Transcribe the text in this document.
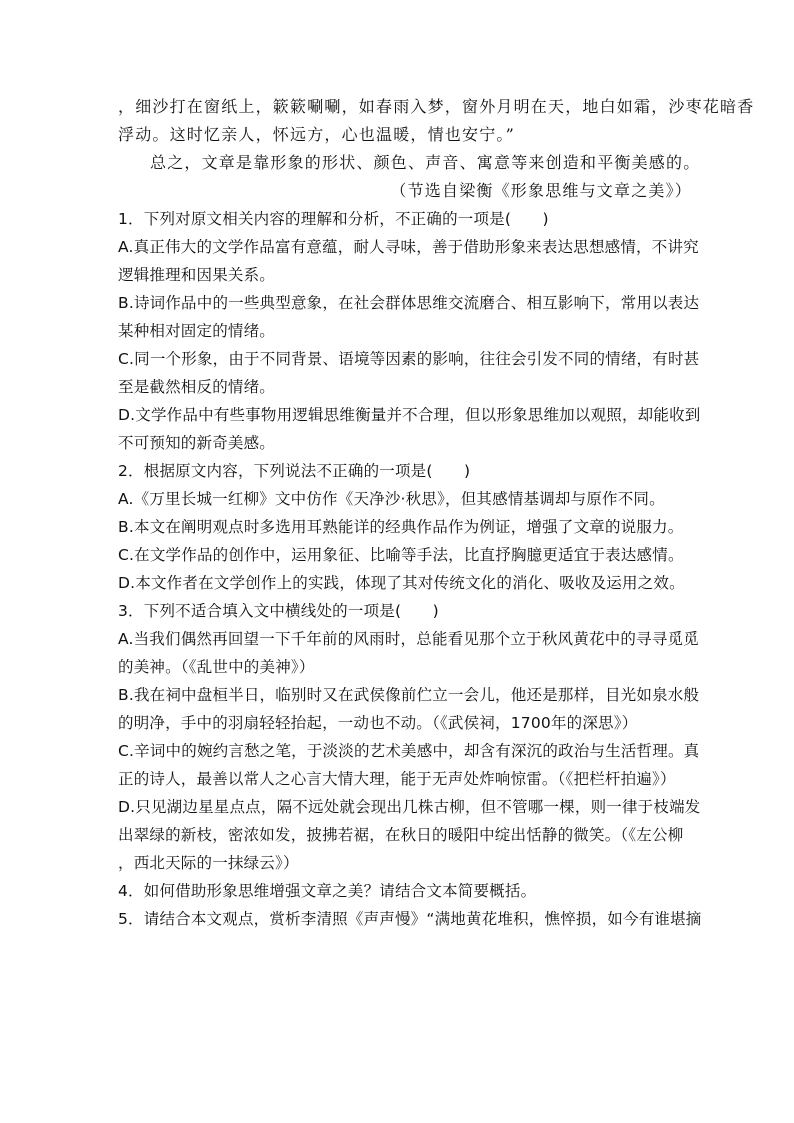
，细沙打在窗纸上，簌簌唰唰，如春雨入梦，窗外月明在天，地白如霜，沙枣花暗香
浮动。这时忆亲人，怀远方，心也温暖，情也安宁。”
总之，文章是靠形象的形状、颜色、声音、寓意等来创造和平衡美感的。
（节选自梁衡《形象思维与文章之美》）
1．下列对原文相关内容的理解和分析，不正确的一项是(　　)
A.真正伟大的文学作品富有意蕴，耐人寻味，善于借助形象来表达思想感情，不讲究
逻辑推理和因果关系。
B.诗词作品中的一些典型意象，在社会群体思维交流磨合、相互影响下，常用以表达
某种相对固定的情绪。
C.同一个形象，由于不同背景、语境等因素的影响，往往会引发不同的情绪，有时甚
至是截然相反的情绪。
D.文学作品中有些事物用逻辑思维衡量并不合理，但以形象思维加以观照，却能收到
不可预知的新奇美感。
2．根据原文内容，下列说法不正确的一项是(　　)
A.《万里长城一红柳》文中仿作《天净沙·秋思》，但其感情基调却与原作不同。
B.本文在阐明观点时多选用耳熟能详的经典作品作为例证，增强了文章的说服力。
C.在文学作品的创作中，运用象征、比喻等手法，比直抒胸臆更适宜于表达感情。
D.本文作者在文学创作上的实践，体现了其对传统文化的消化、吸收及运用之效。
3．下列不适合填入文中横线处的一项是(　　)
A.当我们偶然再回望一下千年前的风雨时，总能看见那个立于秋风黄花中的寻寻觅觅
的美神。（《乱世中的美神》）
B.我在祠中盘桓半日，临别时又在武侯像前伫立一会儿，他还是那样，目光如泉水般
的明净，手中的羽扇轻轻抬起，一动也不动。（《武侯祠，1700年的深思》）
C.辛词中的婉约言愁之笔，于淡淡的艺术美感中，却含有深沉的政治与生活哲理。真
正的诗人，最善以常人之心言大情大理，能于无声处炸响惊雷。（《把栏杆拍遍》）
D.只见湖边星星点点，隔不远处就会现出几株古柳，但不管哪一棵，则一律于枝端发
出翠绿的新枝，密浓如发，披拂若裾，在秋日的暖阳中绽出恬静的微笑。（《左公柳
，西北天际的一抹绿云》）
4．如何借助形象思维增强文章之美？请结合文本简要概括。
5．请结合本文观点，赏析李清照《声声慢》“满地黄花堆积，憔悴损，如今有谁堪摘
